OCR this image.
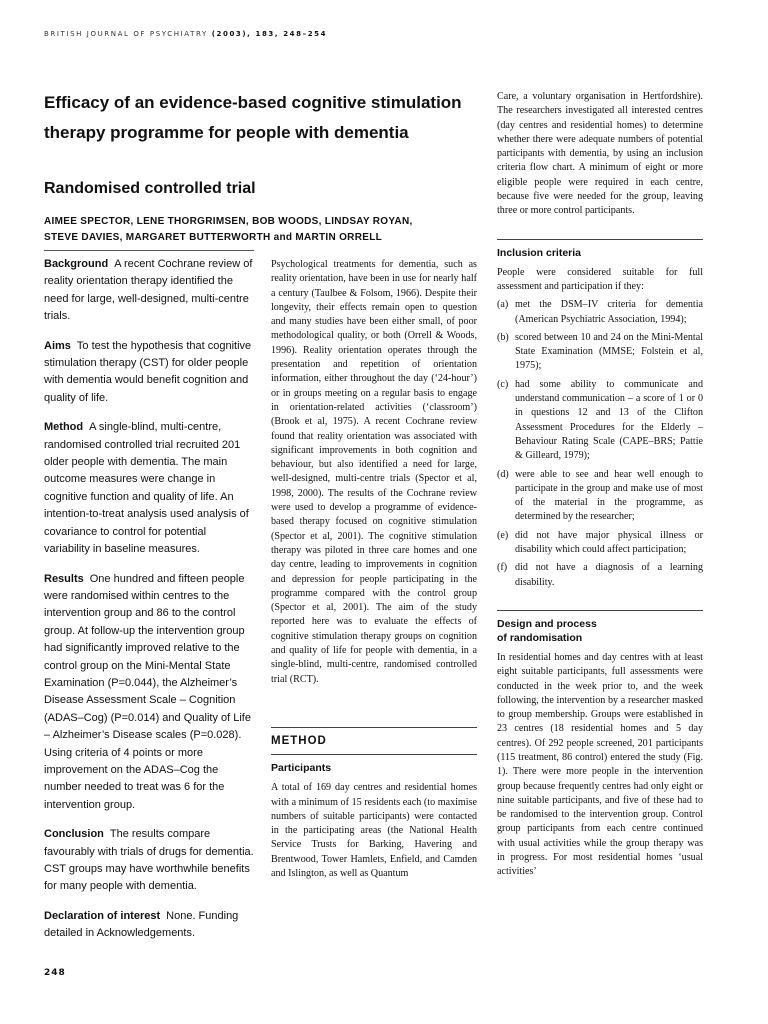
BRITISH JOURNAL OF PSYCHIATRY (2003), 183, 248–254
Efficacy of an evidence-based cognitive stimulation therapy programme for people with dementia
Randomised controlled trial
AIMEE SPECTOR, LENE THORGRIMSEN, BOB WOODS, LINDSAY ROYAN,
STEVE DAVIES, MARGARET BUTTERWORTH and MARTIN ORRELL

Background A recent Cochrane review of reality orientation therapy identified the need for large, well-designed, multi-centre trials.

Aims To test the hypothesis that cognitive stimulation therapy (CST) for older people with dementia would benefit cognition and quality of life.

Method A single-blind, multi-centre, randomised controlled trial recruited 201 older people with dementia. The main outcome measures were change in cognitive function and quality of life. An intention-to-treat analysis used analysis of covariance to control for potential variability in baseline measures.

Results One hundred and fifteen people were randomised within centres to the intervention group and 86 to the control group. At follow-up the intervention group had significantly improved relative to the control group on the Mini-Mental State Examination (P=0.044), the Alzheimer’s Disease Assessment Scale – Cognition (ADAS–Cog) (P=0.014) and Quality of Life – Alzheimer’s Disease scales (P=0.028). Using criteria of 4 points or more improvement on the ADAS–Cog the number needed to treat was 6 for the intervention group.

Conclusion The results compare favourably with trials of drugs for dementia. CST groups may have worthwhile benefits for many people with dementia.

Declaration of interest None. Funding detailed in Acknowledgements.

Psychological treatments for dementia, such as reality orientation, have been in use for nearly half a century (Taulbee & Folsom, 1966). Despite their longevity, their effects remain open to question and many studies have been either small, of poor methodological quality, or both (Orrell & Woods, 1996). Reality orientation operates through the presentation and repetition of orientation information, either throughout the day (‘24-hour’) or in groups meeting on a regular basis to engage in orientation-related activities (‘classroom’) (Brook et al, 1975). A recent Cochrane review found that reality orientation was associated with significant improvements in both cognition and behaviour, but also identified a need for large, well-designed, multi-centre trials (Spector et al, 1998, 2000). The results of the Cochrane review were used to develop a programme of evidence-based therapy focused on cognitive stimulation (Spector et al, 2001). The cognitive stimulation therapy was piloted in three care homes and one day centre, leading to improvements in cognition and depression for people participating in the programme compared with the control group (Spector et al, 2001). The aim of the study reported here was to evaluate the effects of cognitive stimulation therapy groups on cognition and quality of life for people with dementia, in a single-blind, multi-centre, randomised controlled trial (RCT).

METHOD
Participants

A total of 169 day centres and residential homes with a minimum of 15 residents each (to maximise numbers of suitable participants) were contacted in the participating areas (the National Health Service Trusts for Barking, Havering and Brentwood, Tower Hamlets, Enfield, and Camden and Islington, as well as Quantum

Care, a voluntary organisation in Hertfordshire). The researchers investigated all interested centres (day centres and residential homes) to determine whether there were adequate numbers of potential participants with dementia, by using an inclusion criteria flow chart. A minimum of eight or more eligible people were required in each centre, because five were needed for the group, leaving three or more control participants.

Inclusion criteria

People were considered suitable for full assessment and participation if they:

(a) met the DSM–IV criteria for dementia (American Psychiatric Association, 1994);
(b) scored between 10 and 24 on the Mini-Mental State Examination (MMSE; Folstein et al, 1975);
(c) had some ability to communicate and understand communication – a score of 1 or 0 in questions 12 and 13 of the Clifton Assessment Procedures for the Elderly – Behaviour Rating Scale (CAPE–BRS; Pattie & Gilleard, 1979);
(d) were able to see and hear well enough to participate in the group and make use of most of the material in the programme, as determined by the researcher;
(e) did not have major physical illness or disability which could affect participation;
(f) did not have a diagnosis of a learning disability.
Design and process
of randomisation

In residential homes and day centres with at least eight suitable participants, full assessments were conducted in the week prior to, and the week following, the intervention by a researcher masked to group membership. Groups were established in 23 centres (18 residential homes and 5 day centres). Of 292 people screened, 201 participants (115 treatment, 86 control) entered the study (Fig. 1). There were more people in the intervention group because frequently centres had only eight or nine suitable participants, and five of these had to be randomised to the intervention group. Control group participants from each centre continued with usual activities while the group therapy was in progress. For most residential homes ‘usual activities’

248
